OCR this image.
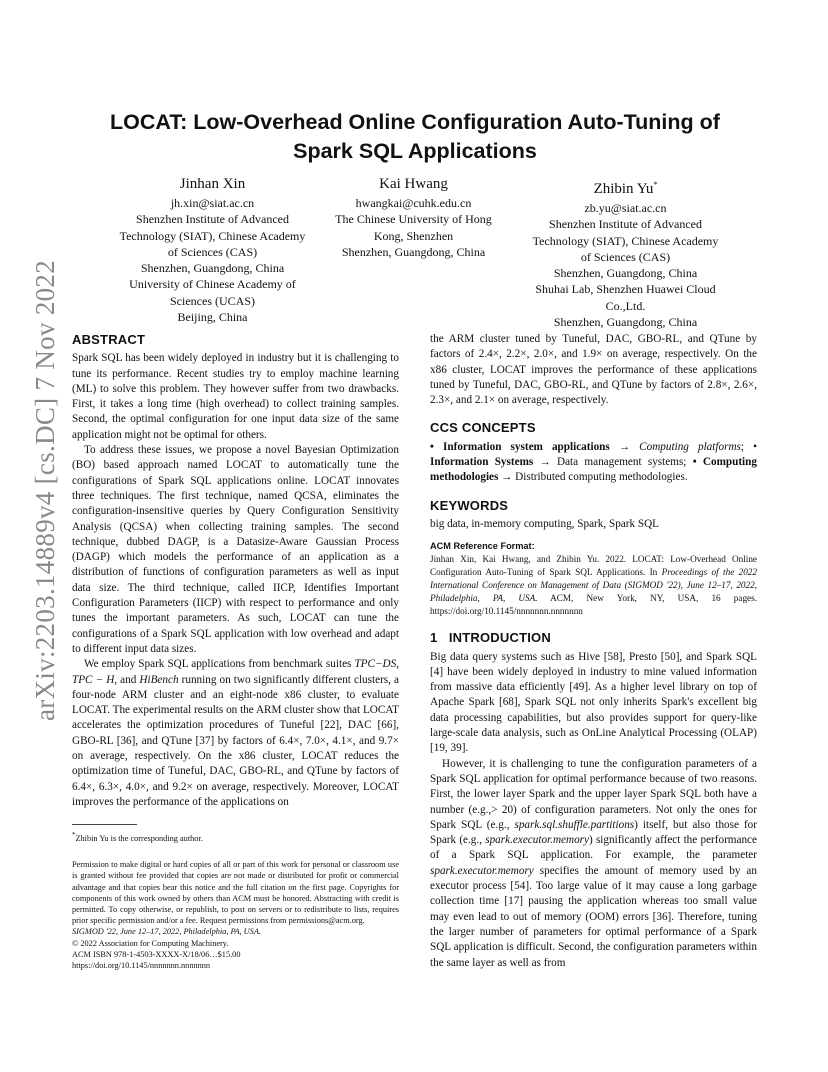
arXiv:2203.14889v4 [cs.DC] 7 Nov 2022
LOCAT: Low-Overhead Online Configuration Auto-Tuning of
Spark SQL Applications
Jinhan Xin
jh.xin@siat.ac.cn
Shenzhen Institute of Advanced
Technology (SIAT), Chinese Academy
of Sciences (CAS)
Shenzhen, Guangdong, China
University of Chinese Academy of
Sciences (UCAS)
Beijing, China
Kai Hwang
hwangkai@cuhk.edu.cn
The Chinese University of Hong
Kong, Shenzhen
Shenzhen, Guangdong, China
Zhibin Yu*
zb.yu@siat.ac.cn
Shenzhen Institute of Advanced
Technology (SIAT), Chinese Academy
of Sciences (CAS)
Shenzhen, Guangdong, China
Shuhai Lab, Shenzhen Huawei Cloud
Co.,Ltd.
Shenzhen, Guangdong, China
ABSTRACT

Spark SQL has been widely deployed in industry but it is challenging to tune its performance. Recent studies try to employ machine learning (ML) to solve this problem. They however suffer from two drawbacks. First, it takes a long time (high overhead) to collect training samples. Second, the optimal configuration for one input data size of the same application might not be optimal for others.

To address these issues, we propose a novel Bayesian Optimization (BO) based approach named LOCAT to automatically tune the configurations of Spark SQL applications online. LOCAT innovates three techniques. The first technique, named QCSA, eliminates the configuration-insensitive queries by Query Configuration Sensitivity Analysis (QCSA) when collecting training samples. The second technique, dubbed DAGP, is a Datasize-Aware Gaussian Process (DAGP) which models the performance of an application as a distribution of functions of configuration parameters as well as input data size. The third technique, called IICP, Identifies Important Configuration Parameters (IICP) with respect to performance and only tunes the important parameters. As such, LOCAT can tune the configurations of a Spark SQL application with low overhead and adapt to different input data sizes.

We employ Spark SQL applications from benchmark suites TPC−DS, TPC − H, and HiBench running on two significantly different clusters, a four-node ARM cluster and an eight-node x86 cluster, to evaluate LOCAT. The experimental results on the ARM cluster show that LOCAT accelerates the optimization procedures of Tuneful [22], DAC [66], GBO-RL [36], and QTune [37] by factors of 6.4×, 7.0×, 4.1×, and 9.7× on average, respectively. On the x86 cluster, LOCAT reduces the optimization time of Tuneful, DAC, GBO-RL, and QTune by factors of 6.4×, 6.3×, 4.0×, and 9.2× on average, respectively. Moreover, LOCAT improves the performance of the applications on

*Zhibin Yu is the corresponding author.

Permission to make digital or hard copies of all or part of this work for personal or classroom use is granted without fee provided that copies are not made or distributed for profit or commercial advantage and that copies bear this notice and the full citation on the first page. Copyrights for components of this work owned by others than ACM must be honored. Abstracting with credit is permitted. To copy otherwise, or republish, to post on servers or to redistribute to lists, requires prior specific permission and/or a fee. Request permissions from permissions@acm.org.

SIGMOD '22, June 12–17, 2022, Philadelphia, PA, USA.

© 2022 Association for Computing Machinery.

ACM ISBN 978-1-4503-XXXX-X/18/06…$15.00

https://doi.org/10.1145/nnnnnnn.nnnnnnn

the ARM cluster tuned by Tuneful, DAC, GBO-RL, and QTune by factors of 2.4×, 2.2×, 2.0×, and 1.9× on average, respectively. On the x86 cluster, LOCAT improves the performance of these applications tuned by Tuneful, DAC, GBO-RL, and QTune by factors of 2.8×, 2.6×, 2.3×, and 2.1× on average, respectively.

CCS CONCEPTS

• Information system applications → Computing platforms; • Information Systems → Data management systems; • Computing methodologies → Distributed computing methodologies.

KEYWORDS

big data, in-memory computing, Spark, Spark SQL

ACM Reference Format:

Jinhan Xin, Kai Hwang, and Zhibin Yu. 2022. LOCAT: Low-Overhead Online Configuration Auto-Tuning of Spark SQL Applications. In Proceedings of the 2022 International Conference on Management of Data (SIGMOD '22), June 12–17, 2022, Philadelphia, PA, USA. ACM, New York, NY, USA, 16 pages. https://doi.org/10.1145/nnnnnnn.nnnnnnn

1   INTRODUCTION

Big data query systems such as Hive [58], Presto [50], and Spark SQL [4] have been widely deployed in industry to mine valued information from massive data efficiently [49]. As a higher level library on top of Apache Spark [68], Spark SQL not only inherits Spark's excellent big data processing capabilities, but also provides support for query-like large-scale data analysis, such as OnLine Analytical Processing (OLAP) [19, 39].

However, it is challenging to tune the configuration parameters of a Spark SQL application for optimal performance because of two reasons. First, the lower layer Spark and the upper layer Spark SQL both have a number (e.g.,> 20) of configuration parameters. Not only the ones for Spark SQL (e.g., spark.sql.shuffle.partitions) itself, but also those for Spark (e.g., spark.executor.memory) significantly affect the performance of a Spark SQL application. For example, the parameter spark.executor.memory specifies the amount of memory used by an executor process [54]. Too large value of it may cause a long garbage collection time [17] pausing the application whereas too small value may even lead to out of memory (OOM) errors [36]. Therefore, tuning the larger number of parameters for optimal performance of a Spark SQL application is difficult. Second, the configuration parameters within the same layer as well as from
